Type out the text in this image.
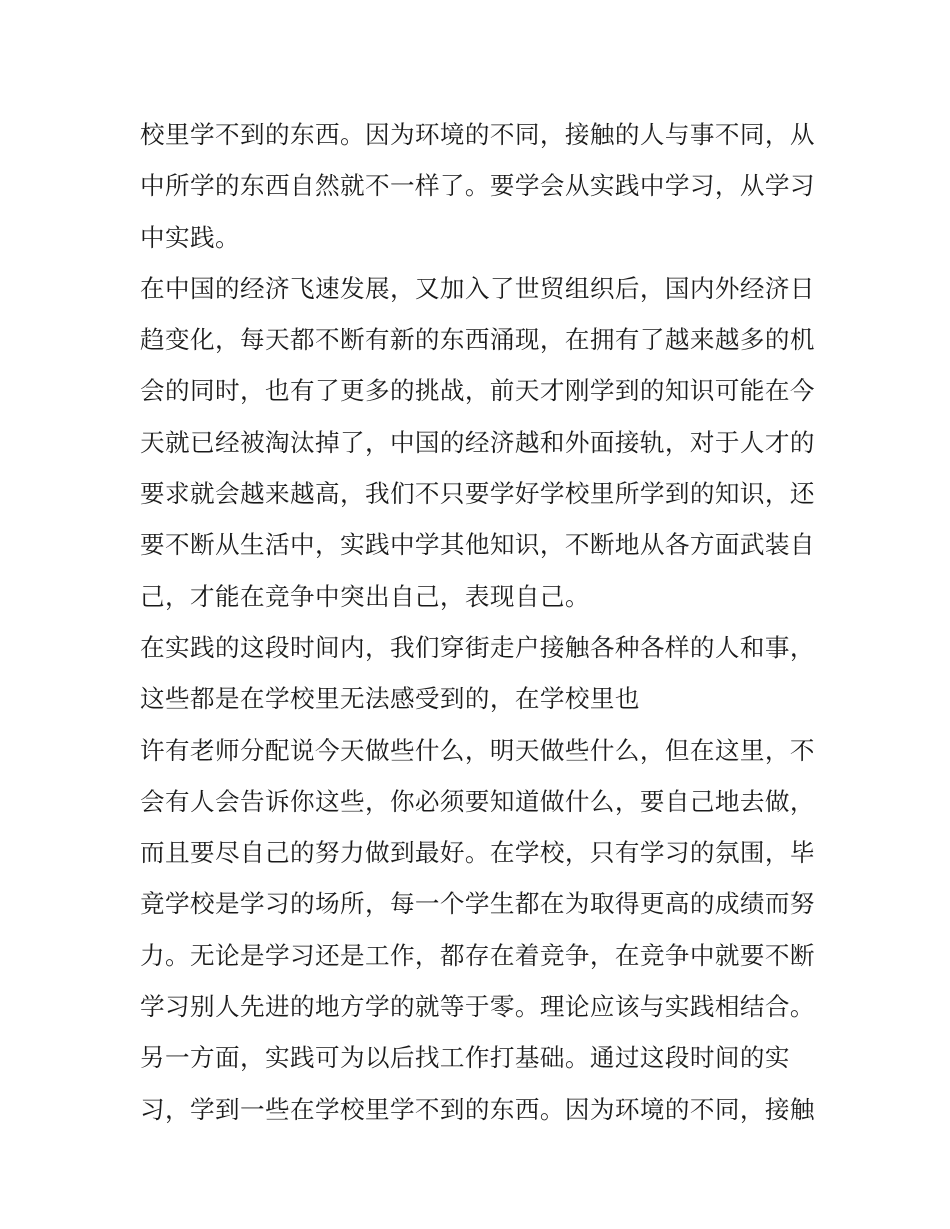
校里学不到的东西。因为环境的不同，接触的人与事不同，从
中所学的东西自然就不一样了。要学会从实践中学习，从学习
中实践。
在中国的经济飞速发展，又加入了世贸组织后，国内外经济日
趋变化，每天都不断有新的东西涌现，在拥有了越来越多的机
会的同时，也有了更多的挑战，前天才刚学到的知识可能在今
天就已经被淘汰掉了，中国的经济越和外面接轨，对于人才的
要求就会越来越高，我们不只要学好学校里所学到的知识，还
要不断从生活中，实践中学其他知识，不断地从各方面武装自
己，才能在竞争中突出自己，表现自己。
在实践的这段时间内，我们穿街走户接触各种各样的人和事，
这些都是在学校里无法感受到的，在学校里也
许有老师分配说今天做些什么，明天做些什么，但在这里，不
会有人会告诉你这些，你必须要知道做什么，要自己地去做，
而且要尽自己的努力做到最好。在学校，只有学习的氛围，毕
竟学校是学习的场所，每一个学生都在为取得更高的成绩而努
力。无论是学习还是工作，都存在着竞争，在竞争中就要不断
学习别人先进的地方学的就等于零。理论应该与实践相结合。
另一方面，实践可为以后找工作打基础。通过这段时间的实
习，学到一些在学校里学不到的东西。因为环境的不同，接触
